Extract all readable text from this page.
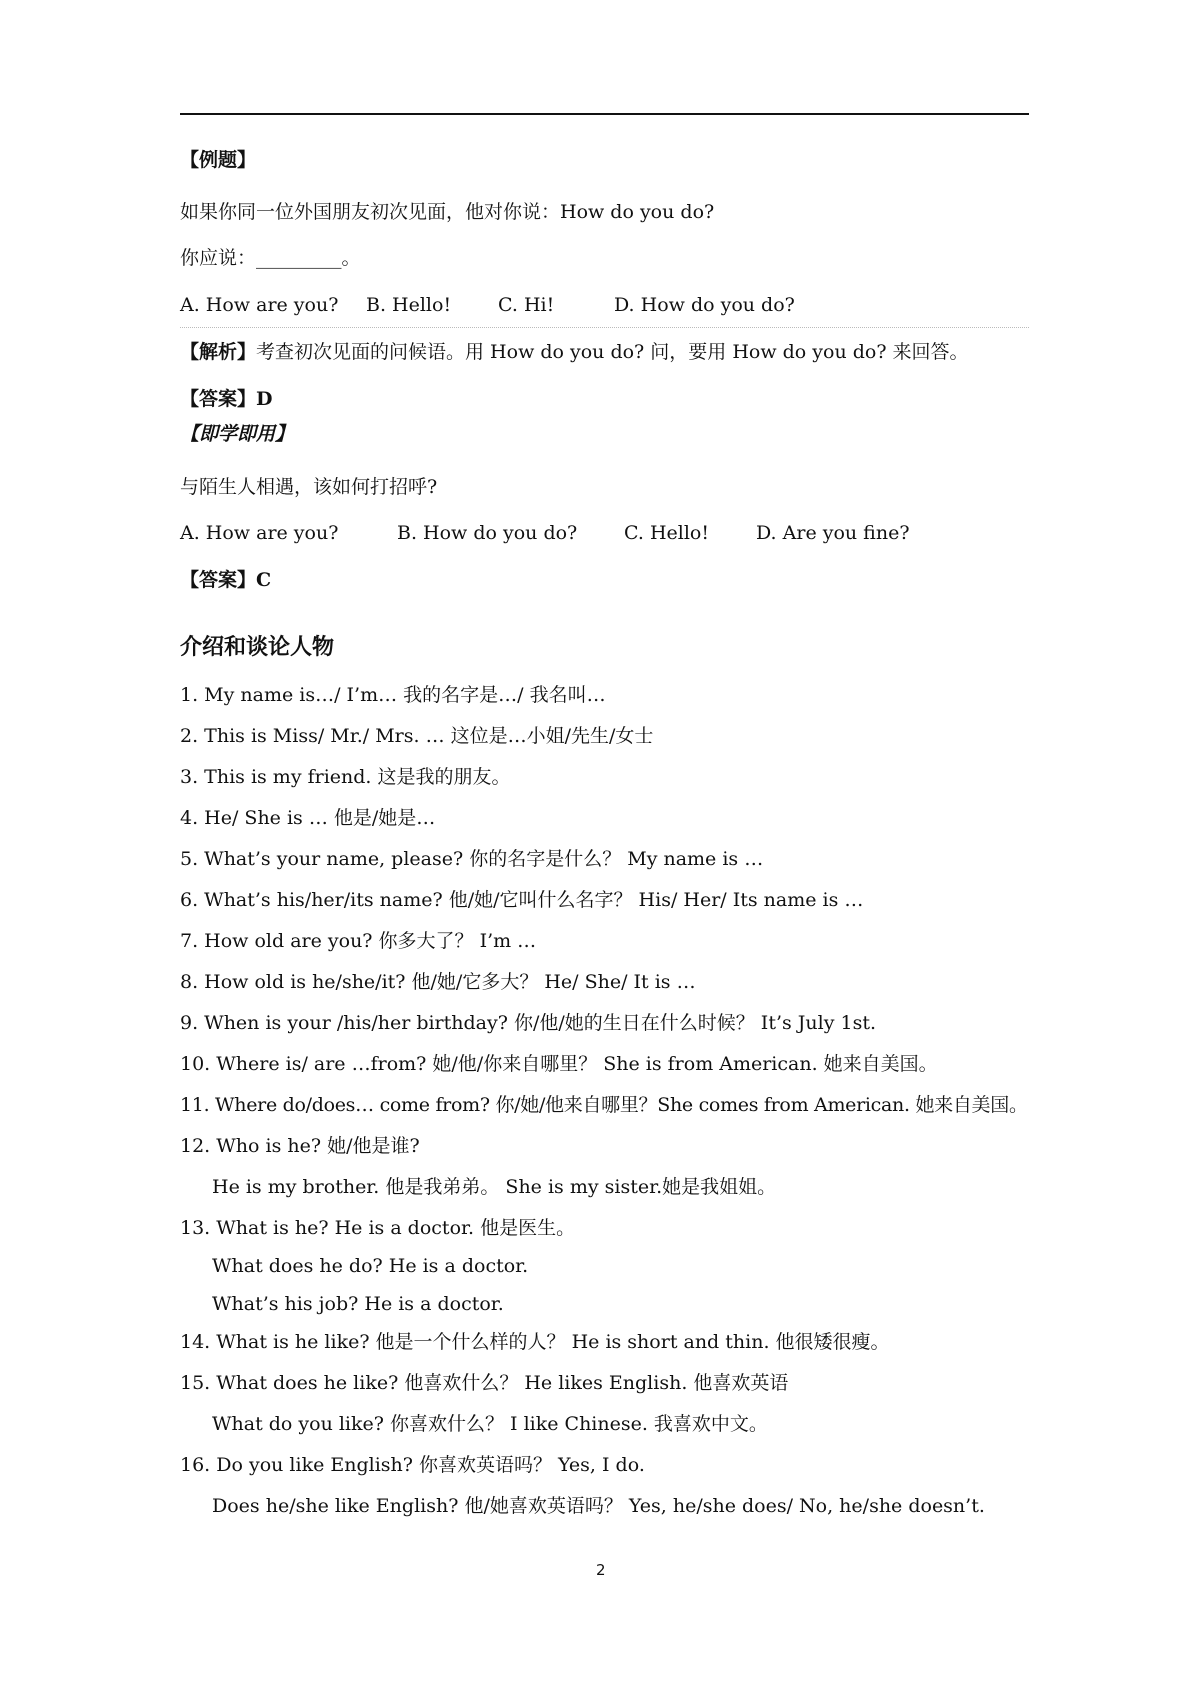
【例题】
如果你同一位外国朋友初次见面，他对你说：How do you do?
你应说：_________。
A. How are you? B. Hello! C. Hi!	D. How do you do?
【解析】考查初次见面的问候语。用 How do you do? 问，要用 How do you do? 来回答。
【答案】D
【即学即用】
与陌生人相遇，该如何打招呼?
A. How are you?	B. How do you do? C. Hello! D. Are you fine?
【答案】C
介绍和谈论人物
1. My name is…/ I’m… 我的名字是…/ 我名叫…
2. This is Miss/ Mr./ Mrs. … 这位是…小姐/先生/女士
3. This is my friend. 这是我的朋友。
4. He/ She is … 他是/她是…
5. What’s your name, please? 你的名字是什么？ My name is …
6. What’s his/her/its name? 他/她/它叫什么名字？ His/ Her/ Its name is …
7. How old are you? 你多大了？ I’m …
8. How old is he/she/it? 他/她/它多大？ He/ She/ It is …
9. When is your /his/her birthday? 你/他/她的生日在什么时候？ It’s July 1st.
10. Where is/ are …from? 她/他/你来自哪里？ She is from American. 她来自美国。
11. Where do/does… come from? 你/她/他来自哪里？She comes from American. 她来自美国。
12. Who is he? 她/他是谁?
He is my brother. 他是我弟弟。 She is my sister.她是我姐姐。
13. What is he? He is a doctor. 他是医生。
What does he do? He is a doctor.
What’s his job? He is a doctor.
14. What is he like? 他是一个什么样的人？ He is short and thin. 他很矮很瘦。
15. What does he like? 他喜欢什么？ He likes English. 他喜欢英语
What do you like? 你喜欢什么？ I like Chinese. 我喜欢中文。
16. Do you like English? 你喜欢英语吗？ Yes, I do.
Does he/she like English? 他/她喜欢英语吗？ Yes, he/she does/ No, he/she doesn’t.
2
